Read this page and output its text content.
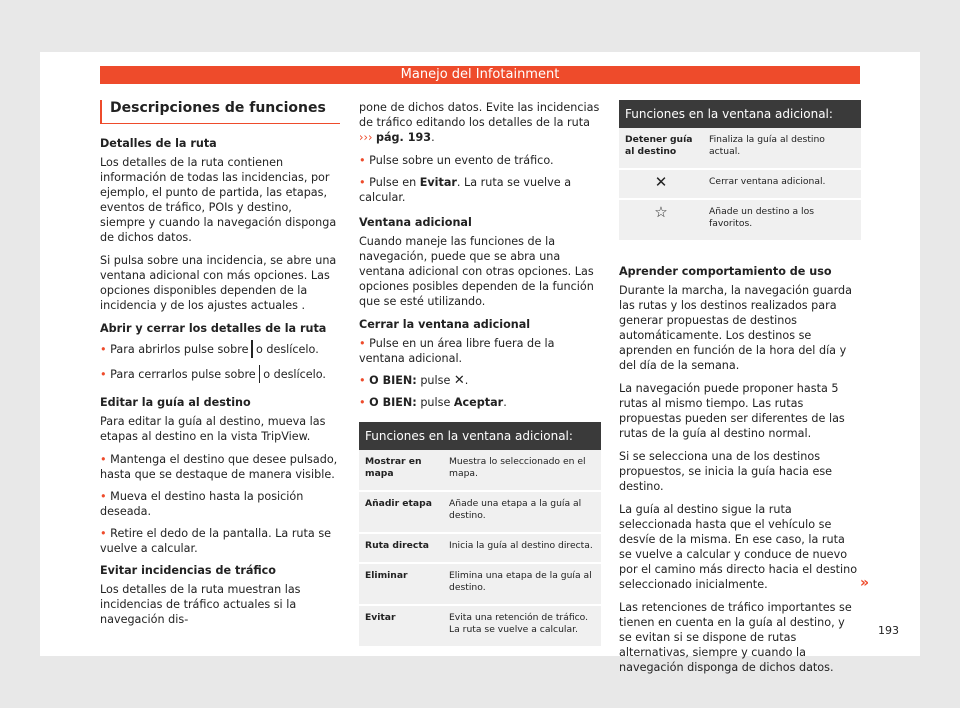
Manejo del Infotainment
Descripciones de funciones
Detalles de la ruta

Los detalles de la ruta contienen información de todas las incidencias, por ejemplo, el punto de partida, las etapas, eventos de tráfico, POIs y destino, siempre y cuando la navegación disponga de dichos datos.

Si pulsa sobre una incidencia, se abre una ventana adicional con más opciones. Las opciones disponibles dependen de la incidencia y de los ajustes actuales .

Abrir y cerrar los detalles de la ruta

• Para abrirlos pulse sobre o deslícelo.

• Para cerrarlos pulse sobre o deslícelo.

Editar la guía al destino

Para editar la guía al destino, mueva las etapas al destino en la vista TripView.

• Mantenga el destino que desee pulsado, hasta que se destaque de manera visible.

• Mueva el destino hasta la posición deseada.

• Retire el dedo de la pantalla. La ruta se vuelve a calcular.

Evitar incidencias de tráfico

Los detalles de la ruta muestran las incidencias de tráfico actuales si la navegación dis-

pone de dichos datos. Evite las incidencias de tráfico editando los detalles de la ruta
››› pág. 193.

• Pulse sobre un evento de tráfico.

• Pulse en Evitar. La ruta se vuelve a calcular.

Ventana adicional

Cuando maneje las funciones de la navegación, puede que se abra una ventana adicional con otras opciones. Las opciones posibles dependen de la función que se esté utilizando.

Cerrar la ventana adicional

• Pulse en un área libre fuera de la ventana adicional.

• O BIEN: pulse ✕.

• O BIEN: pulse Aceptar.

Funciones en la ventana adicional:	
Mostrar en mapa	Muestra lo seleccionado en el mapa.
Añadir etapa	Añade una etapa a la guía al destino.
Ruta directa	Inicia la guía al destino directa.
Eliminar	Elimina una etapa de la guía al destino.
Evitar	Evita una retención de tráfico. La ruta se vuelve a calcular.
Funciones en la ventana adicional:	
Detener guía al destino	Finaliza la guía al destino actual.
✕	Cerrar ventana adicional.
☆	Añade un destino a los favoritos.
Aprender comportamiento de uso

Durante la marcha, la navegación guarda las rutas y los destinos realizados para generar propuestas de destinos automáticamente. Los destinos se aprenden en función de la hora del día y del día de la semana.

La navegación puede proponer hasta 5 rutas al mismo tiempo. Las rutas propuestas pueden ser diferentes de las rutas de la guía al destino normal.

Si se selecciona una de los destinos propuestos, se inicia la guía hacia ese destino.

La guía al destino sigue la ruta seleccionada hasta que el vehículo se desvíe de la misma. En ese caso, la ruta se vuelve a calcular y conduce de nuevo por el camino más directo hacia el destino seleccionado inicialmente.

Las retenciones de tráfico importantes se tienen en cuenta en la guía al destino, y se evitan si se dispone de rutas alternativas, siempre y cuando la navegación disponga de dichos datos.

»
193
